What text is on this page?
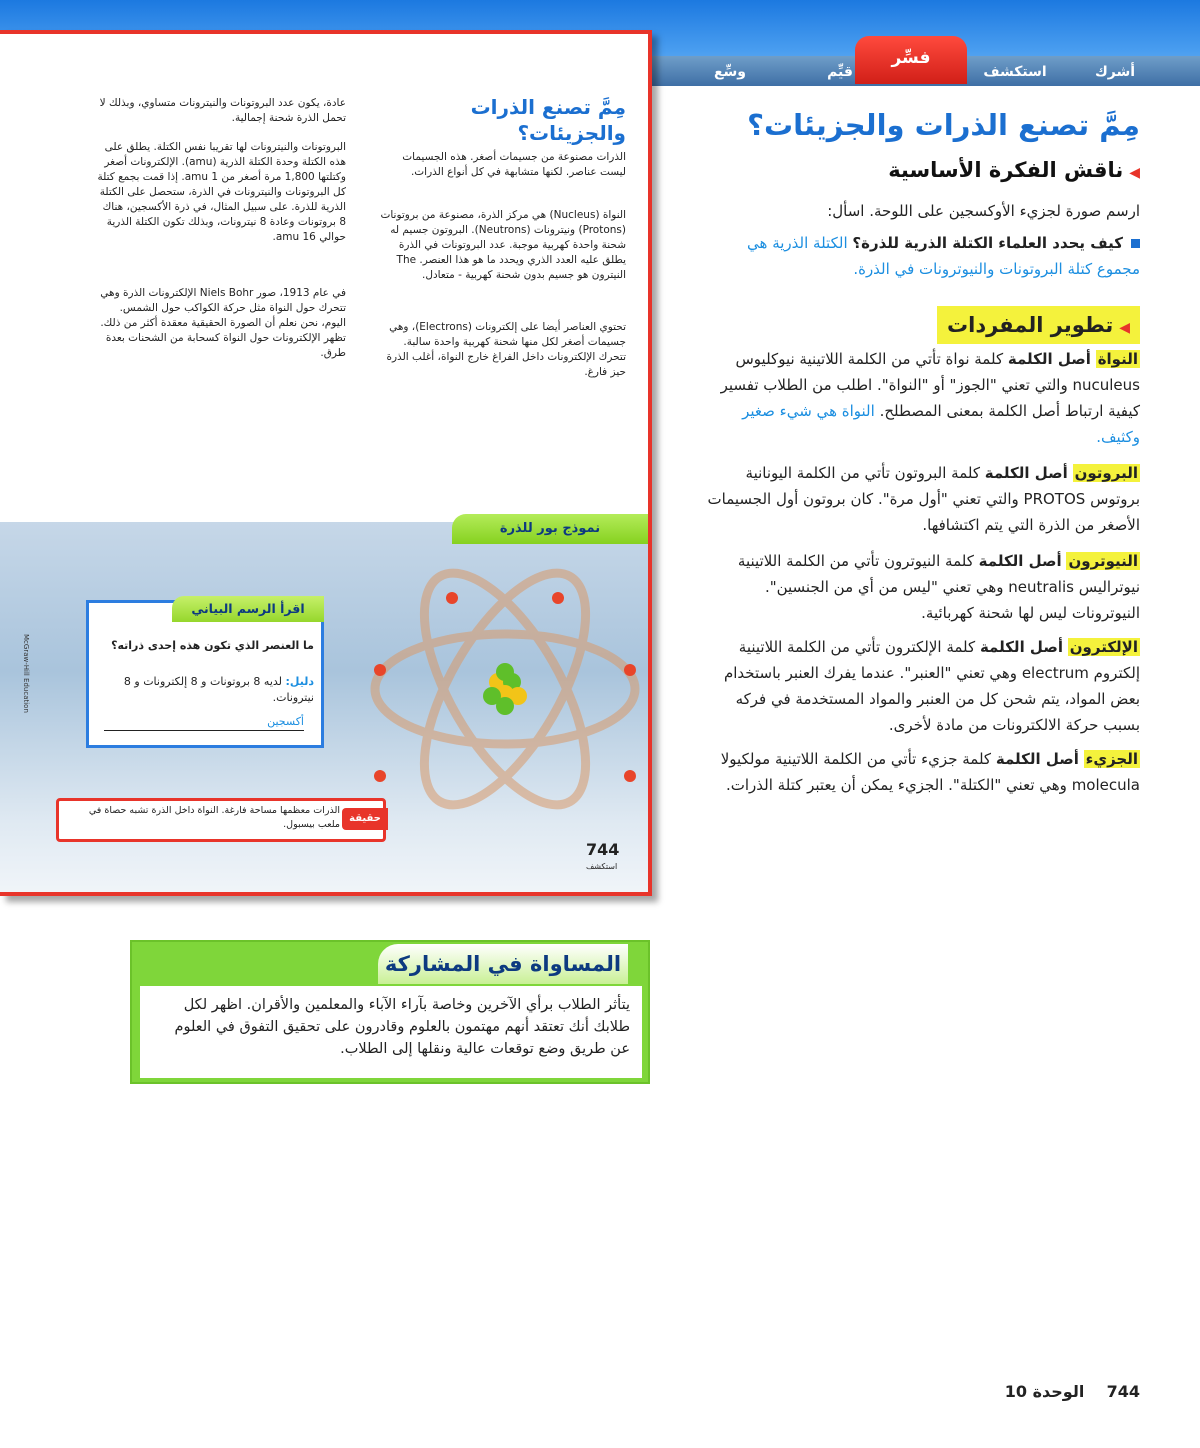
أشرك
استكشف
قيِّم
وسِّع
فسِّر
مِمَّ تصنع الذرات والجزيئات؟
الذرات مصنوعة من جسيمات أصغر. هذه الجسيمات ليست عناصر. لكنها متشابهة في كل أنواع الذرات.
النواة (Nucleus) هي مركز الذرة، مصنوعة من بروتونات (Protons) ونيترونات (Neutrons). البروتون جسيم له شحنة واحدة كهربية موجبة. عدد البروتونات في الذرة يطلق عليه العدد الذري ويحدد ما هو هذا العنصر. The النيترون هو جسيم بدون شحنة كهربية - متعادل.
تحتوي العناصر أيضا على إلكترونات (Electrons)، وهي جسيمات أصغر لكل منها شحنة كهربية واحدة سالبة. تتحرك الإلكترونات داخل الفراغ خارج النواة، أغلب الذرة حيز فارغ.
عادة، يكون عدد البروتونات والنيترونات متساوي، وبذلك لا تحمل الذرة شحنة إجمالية.
البروتونات والنيترونات لها تقريبا نفس الكتلة. يطلق على هذه الكتلة وحدة الكتلة الذرية (amu). الإلكترونات أصغر وكتلتها 1,800 مرة أصغر من 1 amu. إذا قمت بجمع كتلة كل البروتونات والنيترونات في الذرة، ستحصل على الكتلة الذرية للذرة. على سبيل المثال، في ذرة الأكسجين، هناك 8 بروتونات وعادة 8 نيترونات، وبذلك تكون الكتلة الذرية حوالي 16 amu.
في عام 1913، صور Niels Bohr الإلكترونات الذرة وهي تتحرك حول النواة مثل حركة الكواكب حول الشمس. اليوم، نحن نعلم أن الصورة الحقيقية معقدة أكثر من ذلك. تظهر الإلكترونات حول النواة كسحابة من الشحنات بعدة طرق.
نموذج بور للذرة
اقرأ الرسم البياني
ما العنصر الذي تكون هذه إحدى ذراته؟
دليل: لديه 8 بروتونات و 8 إلكترونات و 8 نيترونات.
أكسجين
حقيقة
الذرات معظمها مساحة فارغة. النواة داخل الذرة تشبه حصاة في ملعب بيسبول.
744
استكشف
McGraw-Hill Education
مِمَّ تصنع الذرات والجزيئات؟
◀ناقش الفكرة الأساسية
ارسم صورة لجزيء الأوكسجين على اللوحة. اسأل:
كيف يحدد العلماء الكتلة الذرية للذرة؟ الكتلة الذرية هي مجموع كتلة البروتونات والنيوترونات في الذرة.
◀تطوير المفردات
النواة أصل الكلمة كلمة نواة تأتي من الكلمة اللاتينية نيوكليوس nuculeus والتي تعني "الجوز" أو "النواة". اطلب من الطلاب تفسير كيفية ارتباط أصل الكلمة بمعنى المصطلح. النواة هي شيء صغير وكثيف.
البروتون أصل الكلمة كلمة البروتون تأتي من الكلمة اليونانية بروتوس PROTOS والتي تعني "أول مرة". كان بروتون أول الجسيمات الأصغر من الذرة التي يتم اكتشافها.
النيوترون أصل الكلمة كلمة النيوترون تأتي من الكلمة اللاتينية نيوتراليس neutralis وهي تعني "ليس من أي من الجنسين". النيوترونات ليس لها شحنة كهربائية.
الإلكترون أصل الكلمة كلمة الإلكترون تأتي من الكلمة اللاتينية إلكتروم electrum وهي تعني "العنبر". عندما يفرك العنبر باستخدام بعض المواد، يتم شحن كل من العنبر والمواد المستخدمة في فركه بسبب حركة الالكترونات من مادة لأخرى.
الجزيء أصل الكلمة كلمة جزيء تأتي من الكلمة اللاتينية مولكيولا molecula وهي تعني "الكتلة". الجزيء يمكن أن يعتبر كتلة الذرات.
المساواة في المشاركة
يتأثر الطلاب برأي الآخرين وخاصة بآراء الآباء والمعلمين والأقران. اظهر لكل طلابك أنك تعتقد أنهم مهتمون بالعلوم وقادرون على تحقيق التفوق في العلوم عن طريق وضع توقعات عالية ونقلها إلى الطلاب.
744    الوحدة 10
